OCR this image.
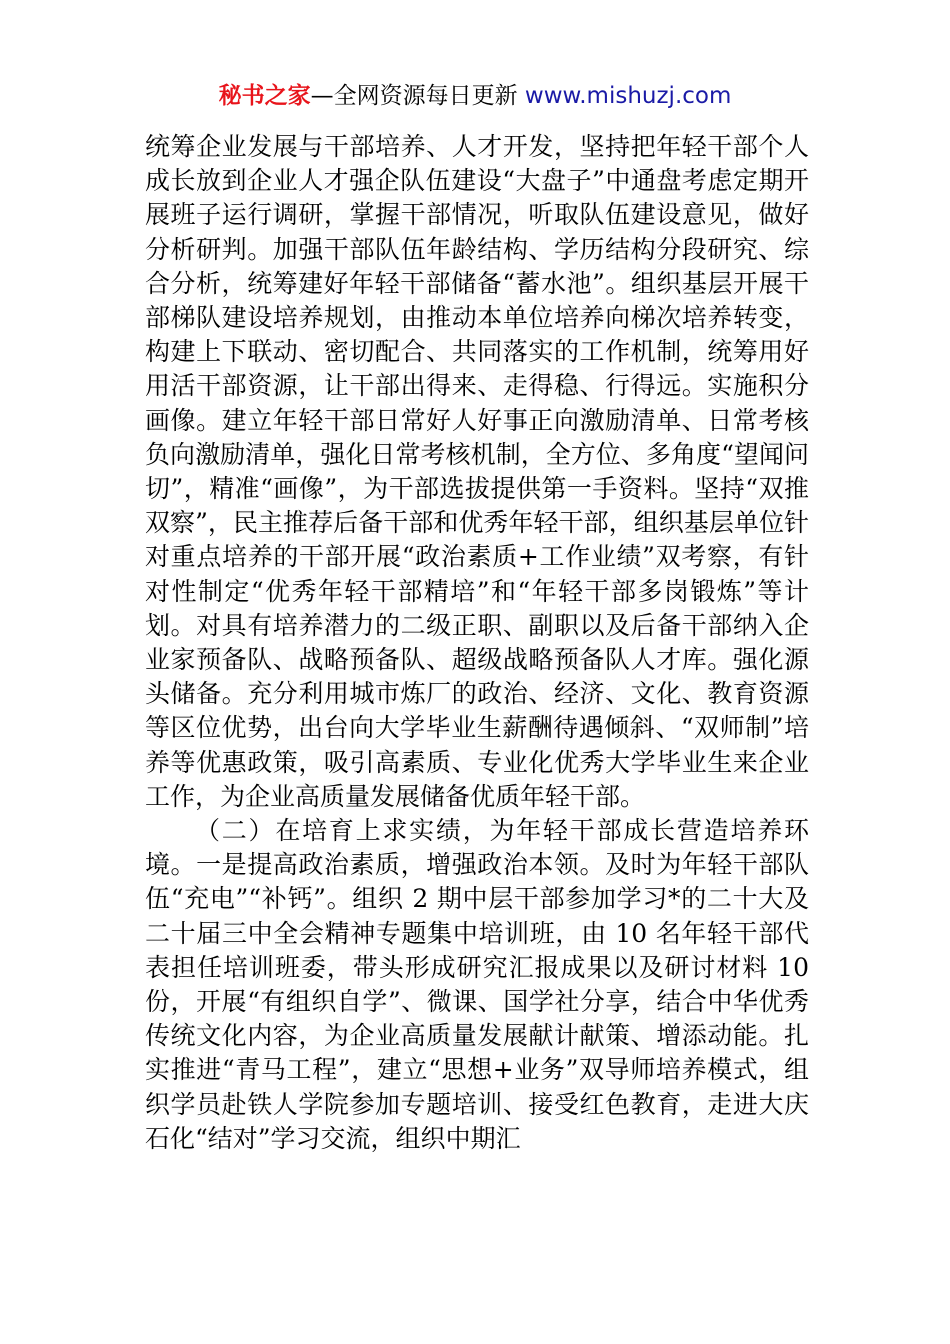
秘书之家—全网资源每日更新 www.mishuzj.com

统筹企业发展与干部培养、人才开发，坚持把年轻干部个人成长放到企业人才强企队伍建设“大盘子”中通盘考虑定期开展班子运行调研，掌握干部情况，听取队伍建设意见，做好分析研判。加强干部队伍年龄结构、学历结构分段研究、综合分析，统筹建好年轻干部储备“蓄水池”。组织基层开展干部梯队建设培养规划，由推动本单位培养向梯次培养转变，构建上下联动、密切配合、共同落实的工作机制，统筹用好用活干部资源，让干部出得来、走得稳、行得远。实施积分画像。建立年轻干部日常好人好事正向激励清单、日常考核负向激励清单，强化日常考核机制，全方位、多角度“望闻问切”，精准“画像”，为干部选拔提供第一手资料。坚持“双推双察”，民主推荐后备干部和优秀年轻干部，组织基层单位针对重点培养的干部开展“政治素质+工作业绩”双考察，有针对性制定“优秀年轻干部精培”和“年轻干部多岗锻炼”等计划。对具有培养潜力的二级正职、副职以及后备干部纳入企业家预备队、战略预备队、超级战略预备队人才库。强化源头储备。充分利用城市炼厂的政治、经济、文化、教育资源等区位优势，出台向大学毕业生薪酬待遇倾斜、“双师制”培养等优惠政策，吸引高素质、专业化优秀大学毕业生来企业工作，为企业高质量发展储备优质年轻干部。

（二）在培育上求实绩，为年轻干部成长营造培养环境。一是提高政治素质，增强政治本领。及时为年轻干部队伍“充电”“补钙”。组织 2 期中层干部参加学习*的二十大及二十届三中全会精神专题集中培训班，由 10 名年轻干部代表担任培训班委，带头形成研究汇报成果以及研讨材料 10 份，开展“有组织自学”、微课、国学社分享，结合中华优秀传统文化内容，为企业高质量发展献计献策、增添动能。扎实推进“青马工程”，建立“思想+业务”双导师培养模式，组织学员赴铁人学院参加专题培训、接受红色教育，走进大庆石化“结对”学习交流，组织中期汇
